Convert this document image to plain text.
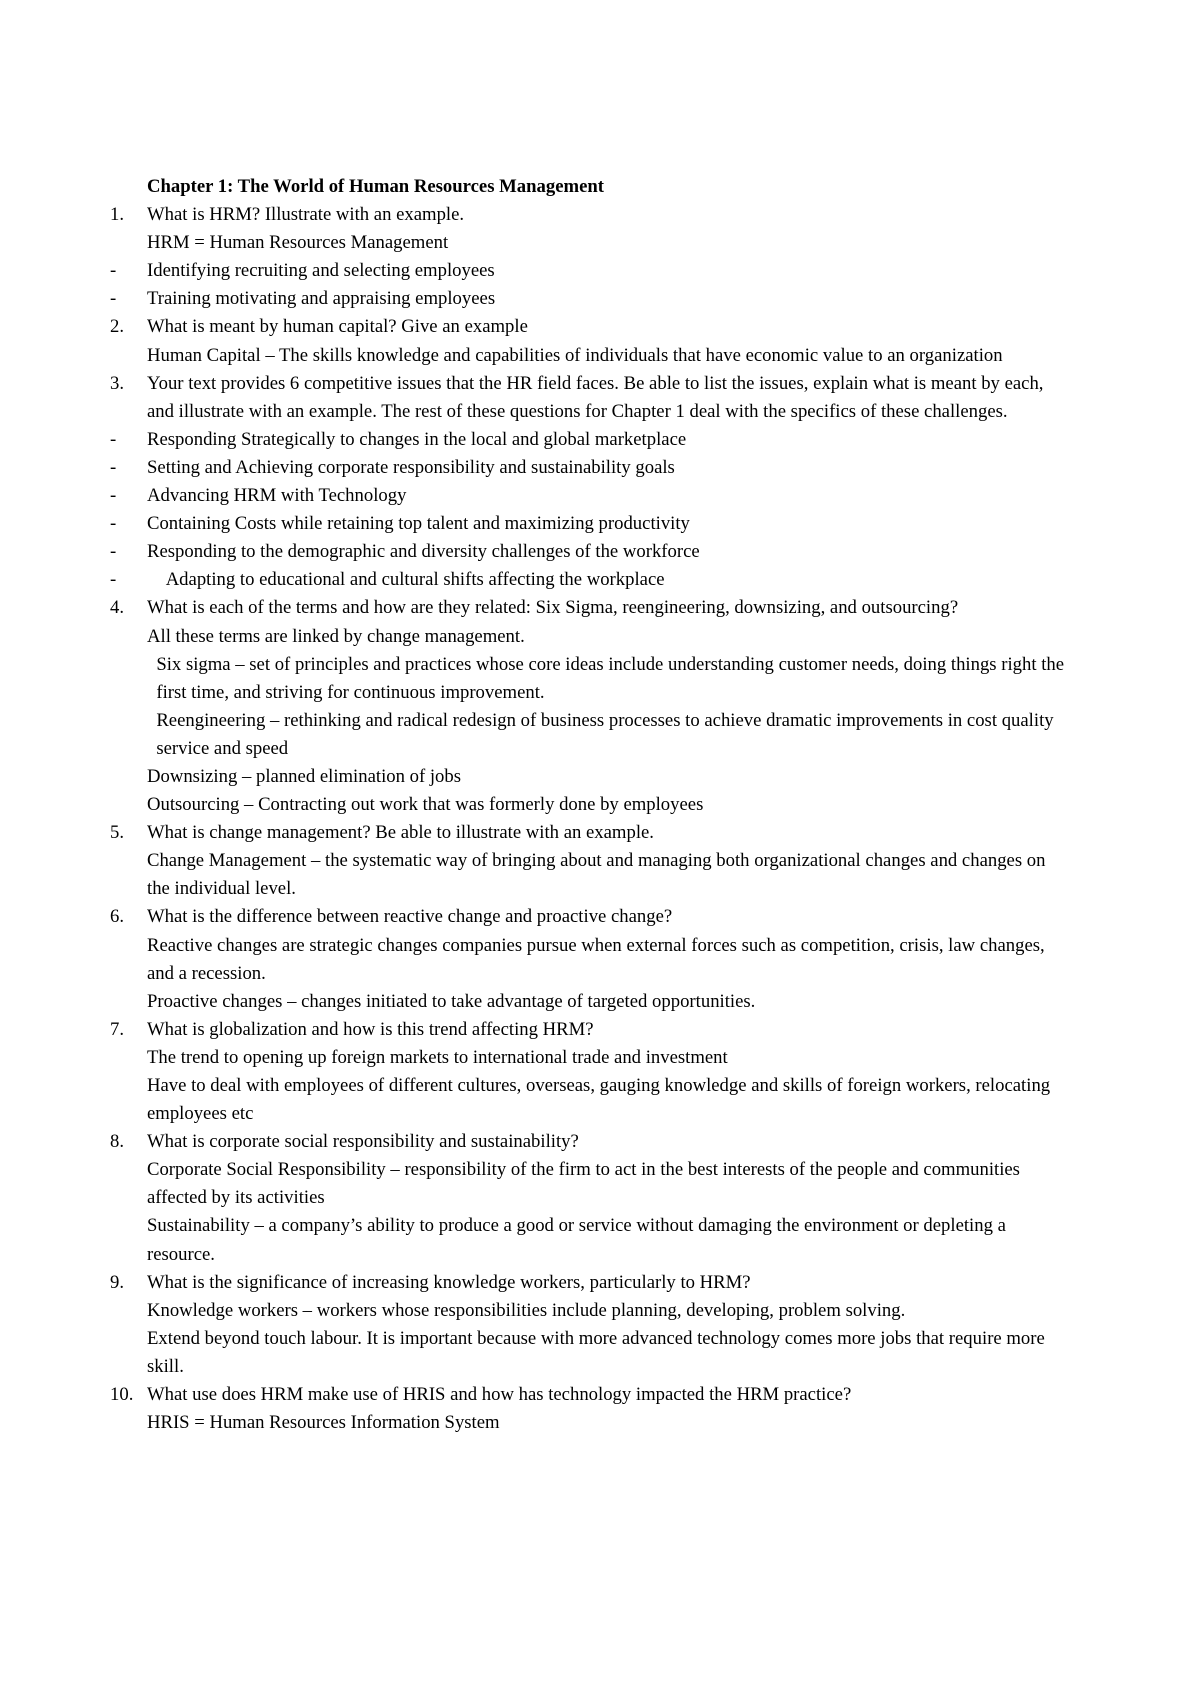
Chapter 1: The World of Human Resources Management
1. What is HRM? Illustrate with an example.
HRM = Human Resources Management
- Identifying recruiting and selecting employees
- Training motivating and appraising employees
2. What is meant by human capital? Give an example
Human Capital – The skills knowledge and capabilities of individuals that have economic value to an organization
3. Your text provides 6 competitive issues that the HR field faces. Be able to list the issues, explain what is meant by each, and illustrate with an example. The rest of these questions for Chapter 1 deal with the specifics of these challenges.
- Responding Strategically to changes in the local and global marketplace
- Setting and Achieving corporate responsibility and sustainability goals
- Advancing HRM with Technology
- Containing Costs while retaining top talent and maximizing productivity
- Responding to the demographic and diversity challenges of the workforce
-	Adapting to educational and cultural shifts affecting the workplace
4. What is each of the terms and how are they related: Six Sigma, reengineering, downsizing, and outsourcing?
All these terms are linked by change management.
Six sigma – set of principles and practices whose core ideas include understanding customer needs, doing things right the first time, and striving for continuous improvement.
Reengineering – rethinking and radical redesign of business processes to achieve dramatic improvements in cost quality service and speed
Downsizing – planned elimination of jobs
Outsourcing – Contracting out work that was formerly done by employees
5. What is change management? Be able to illustrate with an example.
Change Management – the systematic way of bringing about and managing both organizational changes and changes on the individual level.
6. What is the difference between reactive change and proactive change?
Reactive changes are strategic changes companies pursue when external forces such as competition, crisis, law changes, and a recession.
Proactive changes – changes initiated to take advantage of targeted opportunities.
7. What is globalization and how is this trend affecting HRM?
The trend to opening up foreign markets to international trade and investment
Have to deal with employees of different cultures, overseas, gauging knowledge and skills of foreign workers, relocating employees etc
8. What is corporate social responsibility and sustainability?
Corporate Social Responsibility – responsibility of the firm to act in the best interests of the people and communities affected by its activities
Sustainability – a company’s ability to produce a good or service without damaging the environment or depleting a resource.
9. What is the significance of increasing knowledge workers, particularly to HRM?
Knowledge workers – workers whose responsibilities include planning, developing, problem solving.
Extend beyond touch labour. It is important because with more advanced technology comes more jobs that require more skill.
10. What use does HRM make use of HRIS and how has technology impacted the HRM practice?
HRIS = Human Resources Information System
